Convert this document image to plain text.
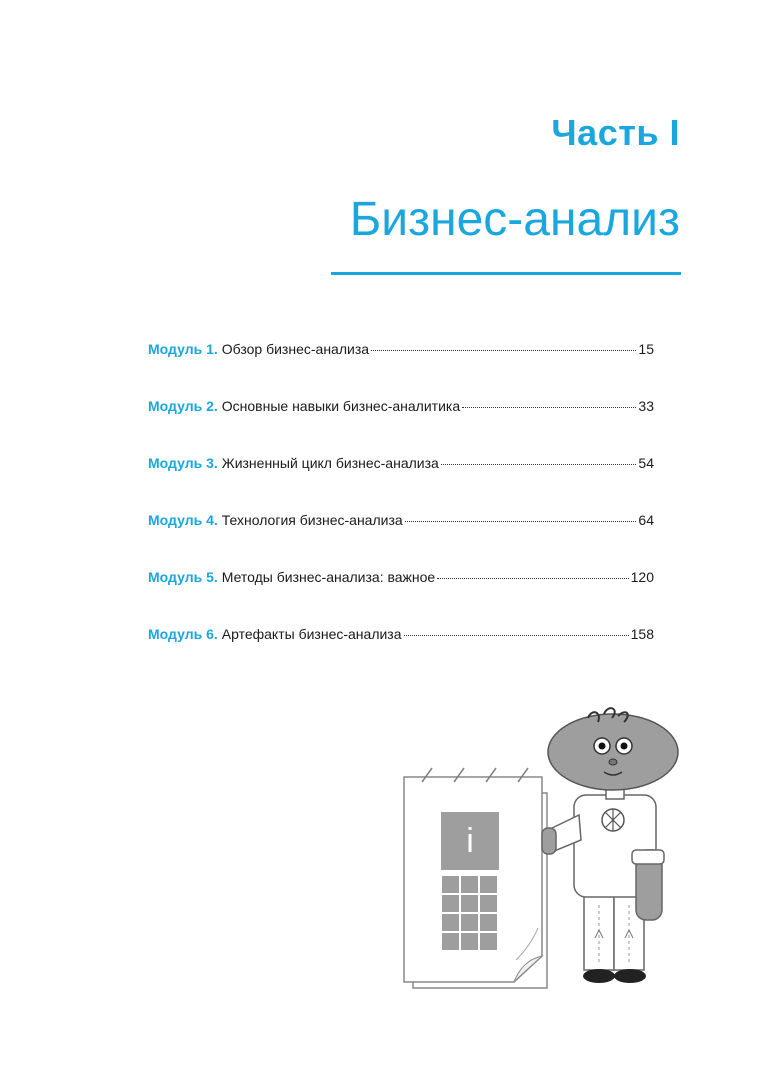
Часть I
Бизнес-анализ
Модуль 1. Обзор бизнес-анализа	15
Модуль 2. Основные навыки бизнес-аналитика	33
Модуль 3. Жизненный цикл бизнес-анализа	54
Модуль 4. Технология бизнес-анализа	64
Модуль 5. Методы бизнес-анализа: важное	120
Модуль 6. Артефакты бизнес-анализа	158
i
